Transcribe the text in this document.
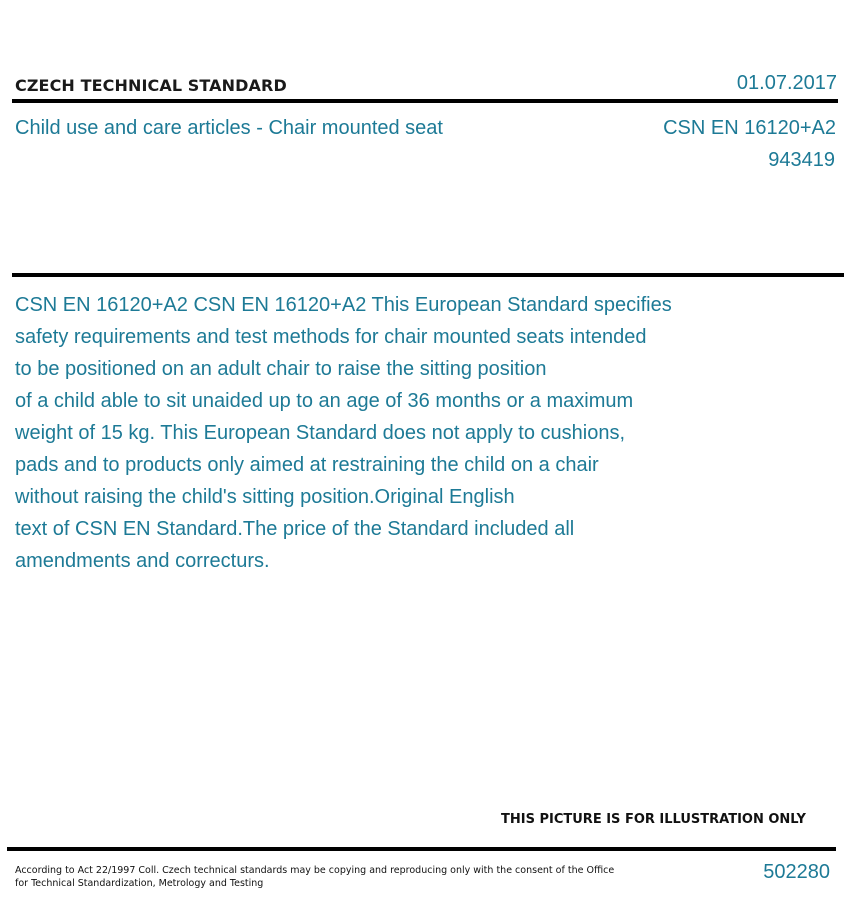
CZECH TECHNICAL STANDARD	01.07.2017
Child use and care articles - Chair mounted seat	CSN EN 16120+A2
943419
CSN EN 16120+A2 CSN EN 16120+A2 This European Standard specifies
safety requirements and test methods for chair mounted seats intended
to be positioned on an adult chair to raise the sitting position
of a child able to sit unaided up to an age of 36 months or a maximum
weight of 15 kg. This European Standard does not apply to cushions,
pads and to products only aimed at restraining the child on a chair
without raising the child's sitting position.Original English
text of CSN EN Standard.The price of the Standard included all
amendments and correcturs.
THIS PICTURE IS FOR ILLUSTRATION ONLY
According to Act 22/1997 Coll. Czech technical standards may be copying and reproducing only with the consent of the Office
for Technical Standardization, Metrology and Testing
502280
